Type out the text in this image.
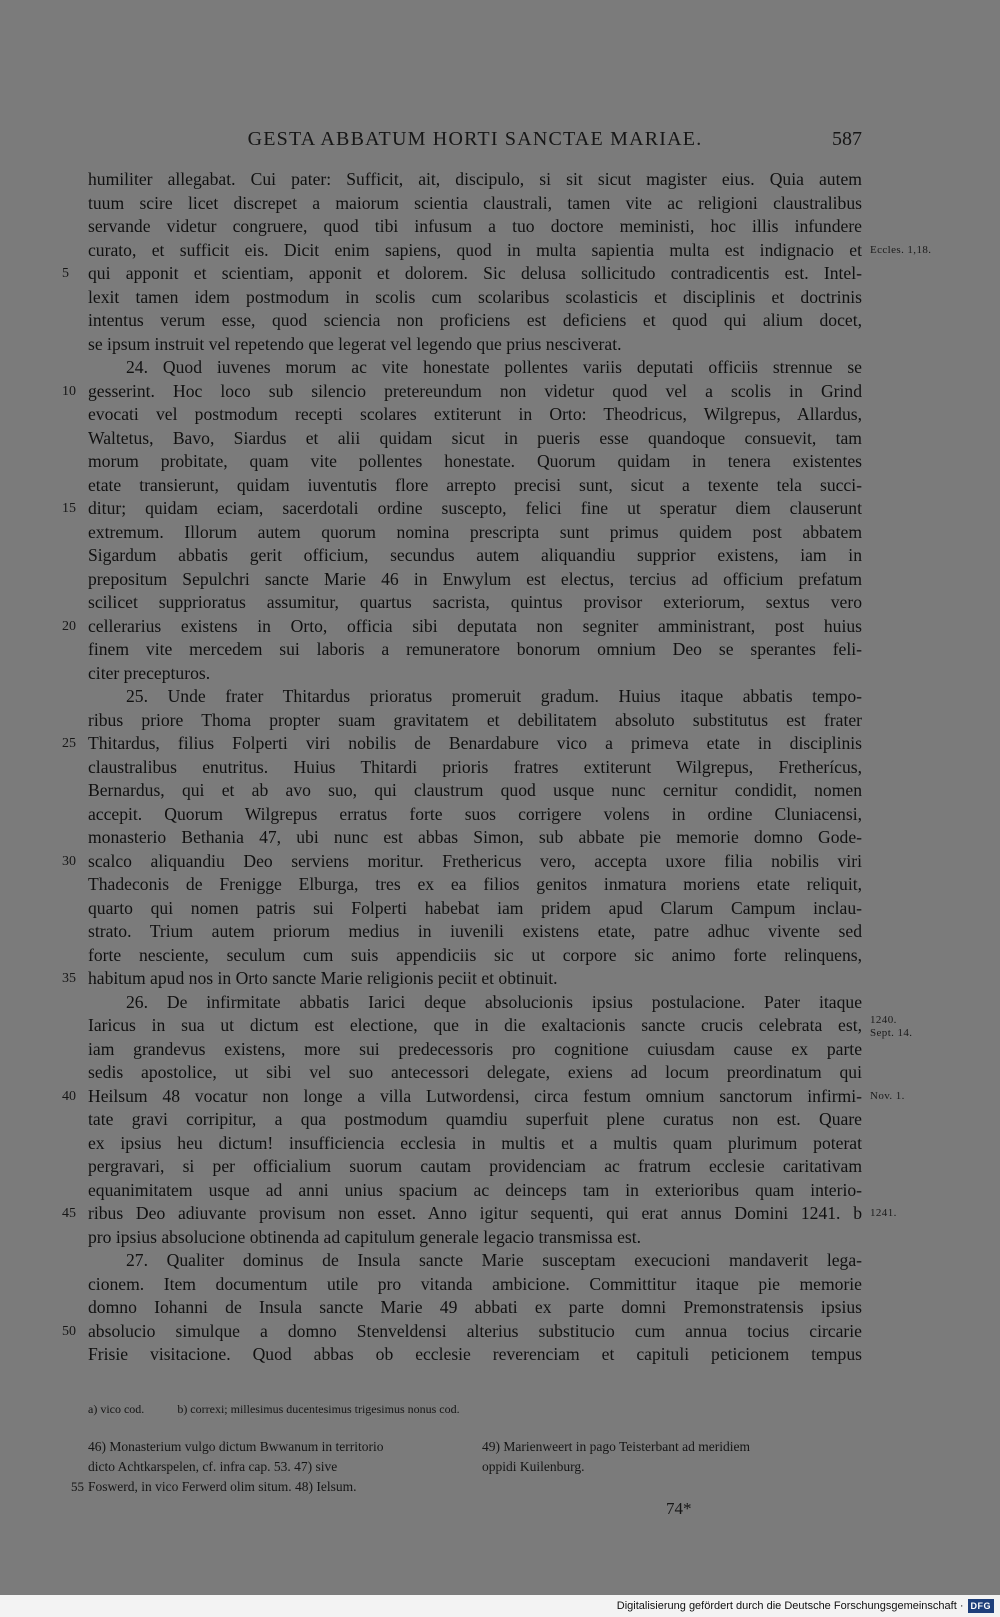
GESTA ABBATUM HORTI SANCTAE MARIAE.	587
humiliter allegabat. Cui pater: Sufficit, ait, discipulo, si sit sicut magister eius. Quia autem
tuum scire licet discrepet a maiorum scientia claustrali, tamen vite ac religioni claustralibus
servande videtur congruere, quod tibi infusum a tuo doctore meministi, hoc illis infundere
curato, et sufficit eis. Dicit enim sapiens, quod in multa sapientia multa est indignacio et Eccles. 1,18.
qui apponit et scientiam, apponit et dolorem. Sic delusa sollicitudo contradicentis est. Intel-
5
lexit tamen idem postmodum in scolis cum scolaribus scolasticis et disciplinis et doctrinis
intentus verum esse, quod sciencia non proficiens est deficiens et quod qui alium docet,
se ipsum instruit vel repetendo que legerat vel legendo que prius nesciverat.
24. Quod iuvenes morum ac vite honestate pollentes variis deputati officiis strennue se
gesserint. Hoc loco sub silencio pretereundum non videtur quod vel a scolis in Grind
10
evocati vel postmodum recepti scolares extiterunt in Orto: Theodricus, Wilgrepus, Allardus,
Waltetus, Bavo, Siardus et alii quidam sicut in pueris esse quandoque consuevit, tam
morum probitate, quam vite pollentes honestate. Quorum quidam in tenera existentes
etate transierunt, quidam iuventutis flore arrepto precisi sunt, sicut a texente tela succi-
ditur; quidam eciam, sacerdotali ordine suscepto, felici fine ut speratur diem clauserunt
15
extremum. Illorum autem quorum nomina prescripta sunt primus quidem post abbatem
Sigardum abbatis gerit officium, secundus autem aliquandiu supprior existens, iam in
prepositum Sepulchri sancte Marie 46 in Enwylum est electus, tercius ad officium prefatum
scilicet supprioratus assumitur, quartus sacrista, quintus provisor exteriorum, sextus vero
cellerarius existens in Orto, officia sibi deputata non segniter amministrant, post huius
20
finem vite mercedem sui laboris a remuneratore bonorum omnium Deo se sperantes feli-
citer precepturos.
25. Unde frater Thitardus prioratus promeruit gradum. Huius itaque abbatis tempo-
ribus priore Thoma propter suam gravitatem et debilitatem absoluto substitutus est frater
Thitardus, filius Folperti viri nobilis de Benardabure vico a primeva etate in disciplinis
25
claustralibus enutritus. Huius Thitardi prioris fratres extiterunt Wilgrepus, Fretherícus,
Bernardus, qui et ab avo suo, qui claustrum quod usque nunc cernitur condidit, nomen
accepit. Quorum Wilgrepus erratus forte suos corrigere volens in ordine Cluniacensi,
monasterio Bethania 47, ubi nunc est abbas Simon, sub abbate pie memorie domno Gode-
scalco aliquandiu Deo serviens moritur. Frethericus vero, accepta uxore filia nobilis viri
30
Thadeconis de Frenigge Elburga, tres ex ea filios genitos inmatura moriens etate reliquit,
quarto qui nomen patris sui Folperti habebat iam pridem apud Clarum Campum inclau-
strato. Trium autem priorum medius in iuvenili existens etate, patre adhuc vivente sed
forte nesciente, seculum cum suis appendiciis sic ut corpore sic animo forte relinquens,
habitum apud nos in Orto sancte Marie religionis peciit et obtinuit.
35
26. De infirmitate abbatis Iarici deque absolucionis ipsius postulacione. Pater itaque
Iaricus in sua ut dictum est electione, que in die exaltacionis sancte crucis celebrata est, 1240.
Sept. 14.
iam grandevus existens, more sui predecessoris pro cognitione cuiusdam cause ex parte
sedis apostolice, ut sibi vel suo antecessori delegate, exiens ad locum preordinatum qui
Heilsum 48 vocatur non longe a villa Lutwordensi, circa festum omnium sanctorum infirmi-
40	Nov. 1.
tate gravi corripitur, a qua postmodum quamdiu superfuit plene curatus non est. Quare
ex ipsius heu dictum! insufficiencia ecclesia in multis et a multis quam plurimum poterat
pergravari, si per officialium suorum cautam providenciam ac fratrum ecclesie caritativam
equanimitatem usque ad anni unius spacium ac deinceps tam in exterioribus quam interio-
ribus Deo adiuvante provisum non esset. Anno igitur sequenti, qui erat annus Domini 1241. b
45	1241.
pro ipsius absolucione obtinenda ad capitulum generale legacio transmissa est.
27. Qualiter dominus de Insula sancte Marie susceptam execucioni mandaverit lega-
cionem. Item documentum utile pro vitanda ambicione. Committitur itaque pie memorie
domno Iohanni de Insula sancte Marie 49 abbati ex parte domni Premonstratensis ipsius
absolucio simulque a domno Stenveldensi alterius substitucio cum annua tocius circarie
50
Frisie visitacione. Quod abbas ob ecclesie reverenciam et capituli peticionem tempus
a) vico cod.	b) correxi; millesimus ducentesimus trigesimus nonus cod.
46) Monasterium vulgo dictum Bwwanum in territorio
dicto Achtkarspelen, cf. infra cap. 53. 47) sive
55 Foswerd, in vico Ferwerd olim situm. 48) Ielsum.
49) Marienweert in pago Teisterbant ad meridiem
oppidi Kuilenburg.
74*
Digitalisierung gefördert durch die Deutsche Forschungsgemeinschaft · DFG
